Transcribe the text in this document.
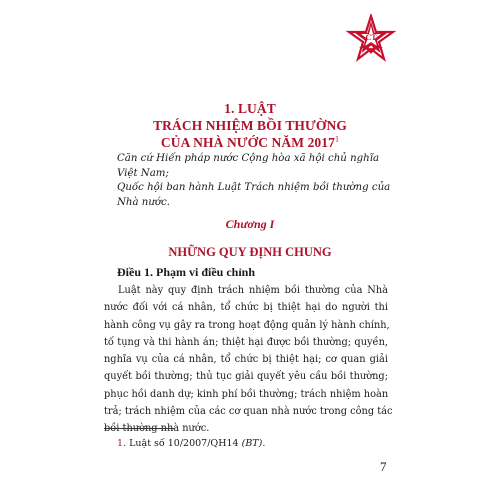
CT
1. LUẬT
TRÁCH NHIỆM BỒI THƯỜNG
CỦA NHÀ NƯỚC NĂM 2017$^1$

Căn cứ Hiến pháp nước Cộng hòa xã hội chủ nghĩa

Việt Nam;

Quốc hội ban hành Luật Trách nhiệm bồi thường của

Nhà nước.

Chương I
NHỮNG QUY ĐỊNH CHUNG
Điều 1. Phạm vi điều chỉnh
Luật này quy định trách nhiệm bồi thường của Nhà
nước đối với cá nhân, tổ chức bị thiệt hại do người thi
hành công vụ gây ra trong hoạt động quản lý hành chính,
tố tụng và thi hành án; thiệt hại được bồi thường; quyền,
nghĩa vụ của cá nhân, tổ chức bị thiệt hại; cơ quan giải
quyết bồi thường; thủ tục giải quyết yêu cầu bồi thường;
phục hồi danh dự; kinh phí bồi thường; trách nhiệm hoàn
trả; trách nhiệm của các cơ quan nhà nước trong công tác
bồi thường nhà nước.
1. Luật số 10/2007/QH14 (BT).
7
